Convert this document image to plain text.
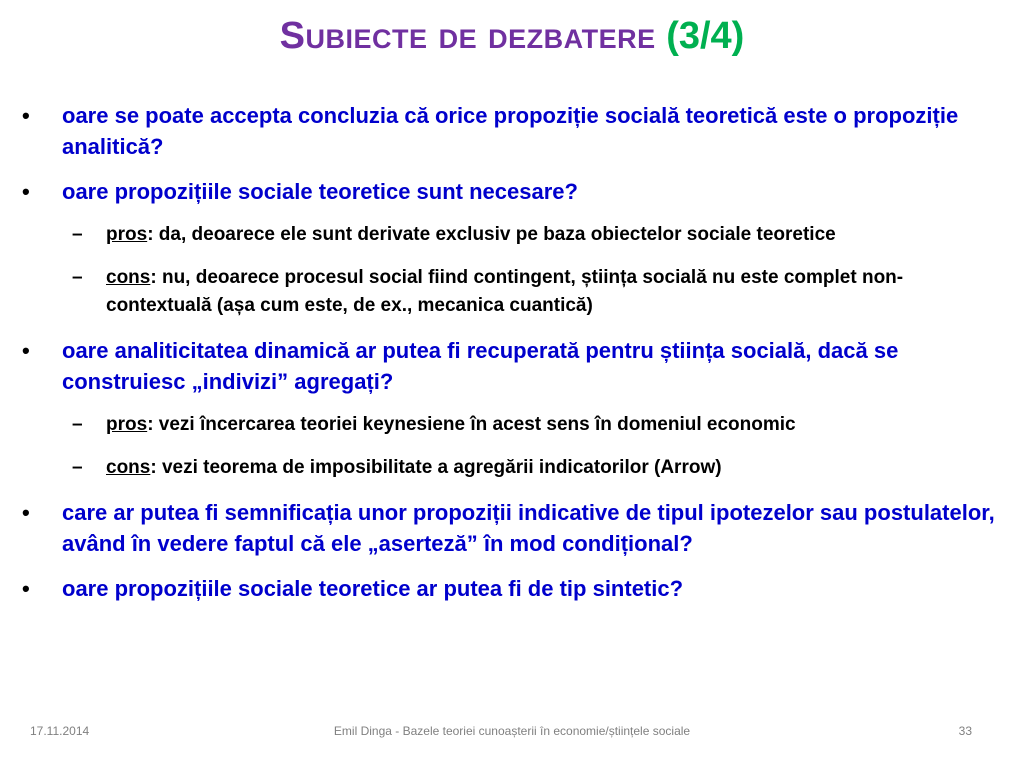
Subiecte de dezbatere (3/4)
• oare se poate accepta concluzia că orice propoziție socială teoretică este o propoziție analitică?
• oare propozițiile sociale teoretice sunt necesare?
– pros: da, deoarece ele sunt derivate exclusiv pe baza obiectelor sociale teoretice
– cons: nu, deoarece procesul social fiind contingent, știința socială nu este complet non-contextuală (așa cum este, de ex., mecanica cuantică)
• oare analiticitatea dinamică ar putea fi recuperată pentru știința socială, dacă se construiesc „indivizi” agregați?
– pros: vezi încercarea teoriei keynesiene în acest sens în domeniul economic
– cons: vezi teorema de imposibilitate a agregării indicatorilor (Arrow)
• care ar putea fi semnificația unor propoziții indicative de tipul ipotezelor sau postulatelor, având în vedere faptul că ele „aserteză” în mod condițional?
• oare propozițiile sociale teoretice ar putea fi de tip sintetic?
17.11.2014	Emil Dinga - Bazele teoriei cunoașterii în economie/științele sociale	33
